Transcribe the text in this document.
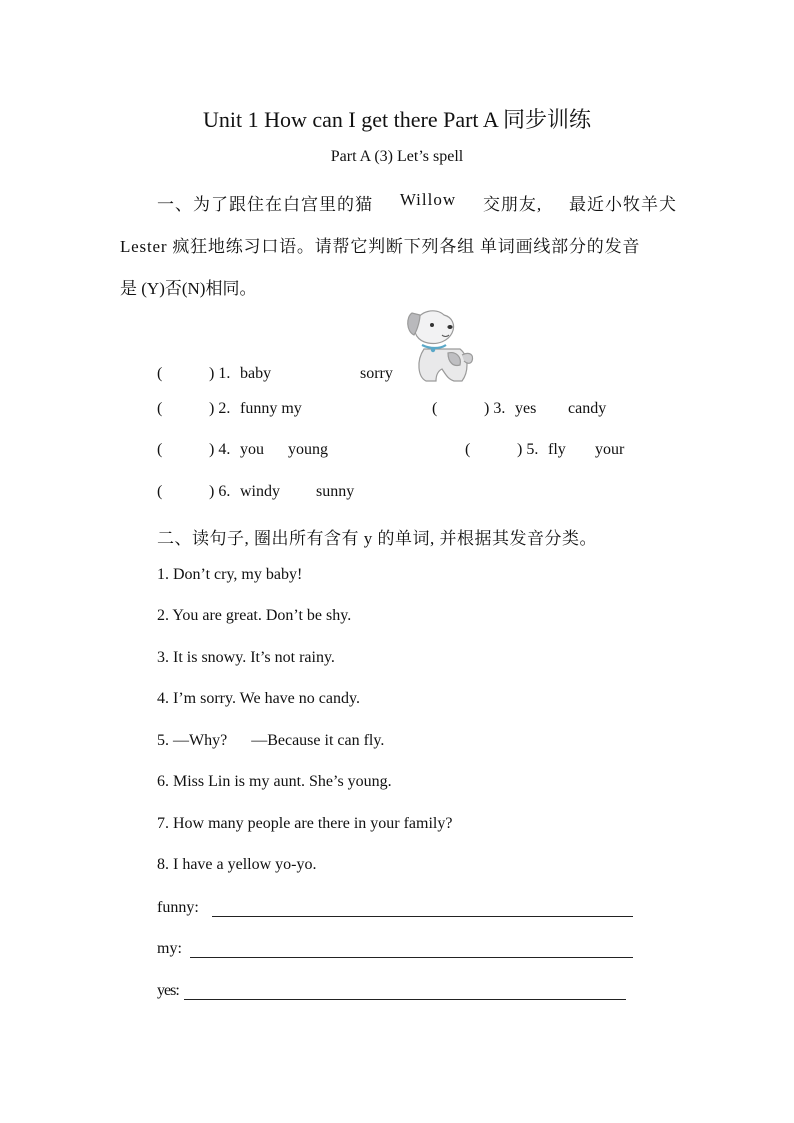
Unit 1 How can I get there Part A 同步训练
Part A (3) Let’s spell
一、为了跟住在白宫里的猫 Willow 交朋友, 最近小牧羊犬
Lester 疯狂地练习口语。请帮它判断下列各组 单词画线部分的发音
是 (Y)否(N)相同。
(	) 1. baby	sorry
(	) 2. funny my	(	) 3. yes candy
(	) 4. you young	(	) 5. fly your
(	) 6. windy sunny
二、读句子, 圈出所有含有 y 的单词, 并根据其发音分类。
1. Don’t cry, my baby!
2. You are great. Don’t be shy.
3. It is snowy. It’s not rainy.
4. I’m sorry. We have no candy.
5. —Why?      —Because it can fly.
6. Miss Lin is my aunt. She’s young.
7. How many people are there in your family?
8. I have a yellow yo-yo.
funny:
my:
yes:
